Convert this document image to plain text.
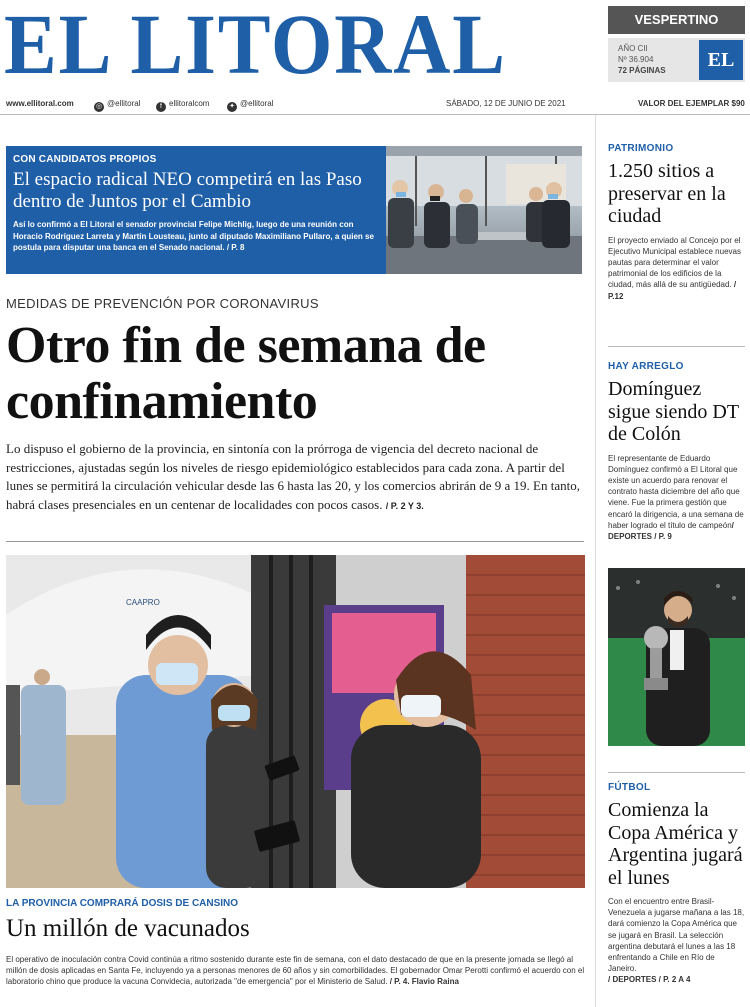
EL LITORAL	VESPERTINO
AÑO CII
Nº 36.904
72 PÁGINAS	EL
www.ellitoral.com	◎ @ellitoral	f ellitoralcom	✦ @ellitoral	SÁBADO, 12 DE JUNIO DE 2021	VALOR DEL EJEMPLAR $90
CON CANDIDATOS PROPIOS
El espacio radical NEO competirá en las Paso dentro de Juntos por el Cambio
Así lo confirmó a El Litoral el senador provincial Felipe Michlig, luego de una reunión con Horacio Rodríguez Larreta y Martín Lousteau, junto al diputado Maximiliano Pullaro, a quien se postula para disputar una banca en el Senado nacional. / P. 8
MEDIDAS DE PREVENCIÓN POR CORONAVIRUS
Otro fin de semana de confinamiento
Lo dispuso el gobierno de la provincia, en sintonía con la prórroga de vigencia del decreto nacional de restricciones, ajustadas según los niveles de riesgo epidemiológico establecidos para cada zona. A partir del lunes se permitirá la circulación vehicular desde las 6 hasta las 20, y los comercios abrirán de 9 a 19. En tanto, habrá clases presenciales en un centenar de localidades con pocos casos. / P. 2 Y 3.
CAAPRO
LA PROVINCIA COMPRARÁ DOSIS DE CANSINO
Un millón de vacunados
El operativo de inoculación contra Covid continúa a ritmo sostenido durante este fin de semana, con el dato destacado de que en la presente jornada se llegó al millón de dosis aplicadas en Santa Fe, incluyendo ya a personas menores de 60 años y sin comorbilidades. El gobernador Omar Perotti confirmó el acuerdo con el laboratorio chino que produce la vacuna Convidecia, autorizada "de emergencia" por el Ministerio de Salud. / P. 4. Flavio Raina
PATRIMONIO
1.250 sitios a preservar en la ciudad
El proyecto enviado al Concejo por el Ejecutivo Municipal establece nuevas pautas para determinar el valor patrimonial de los edificios de la ciudad, más allá de su antigüedad. / P.12
HAY ARREGLO
Domínguez sigue siendo DT de Colón
El representante de Eduardo Domínguez confirmó a El Litoral que existe un acuerdo para renovar el contrato hasta diciembre del año que viene. Fue la primera gestión que encaró la dirigencia, a una semana de haber logrado el título de campeón/ DEPORTES / P. 9
FÚTBOL
Comienza la Copa América y Argentina jugará el lunes
Con el encuentro entre Brasil-Venezuela a jugarse mañana a las 18, dará comienzo la Copa América que se jugará en Brasil. La selección argentina debutará el lunes a las 18 enfrentando a Chile en Río de Janeiro.
/ DEPORTES / P. 2 A 4
